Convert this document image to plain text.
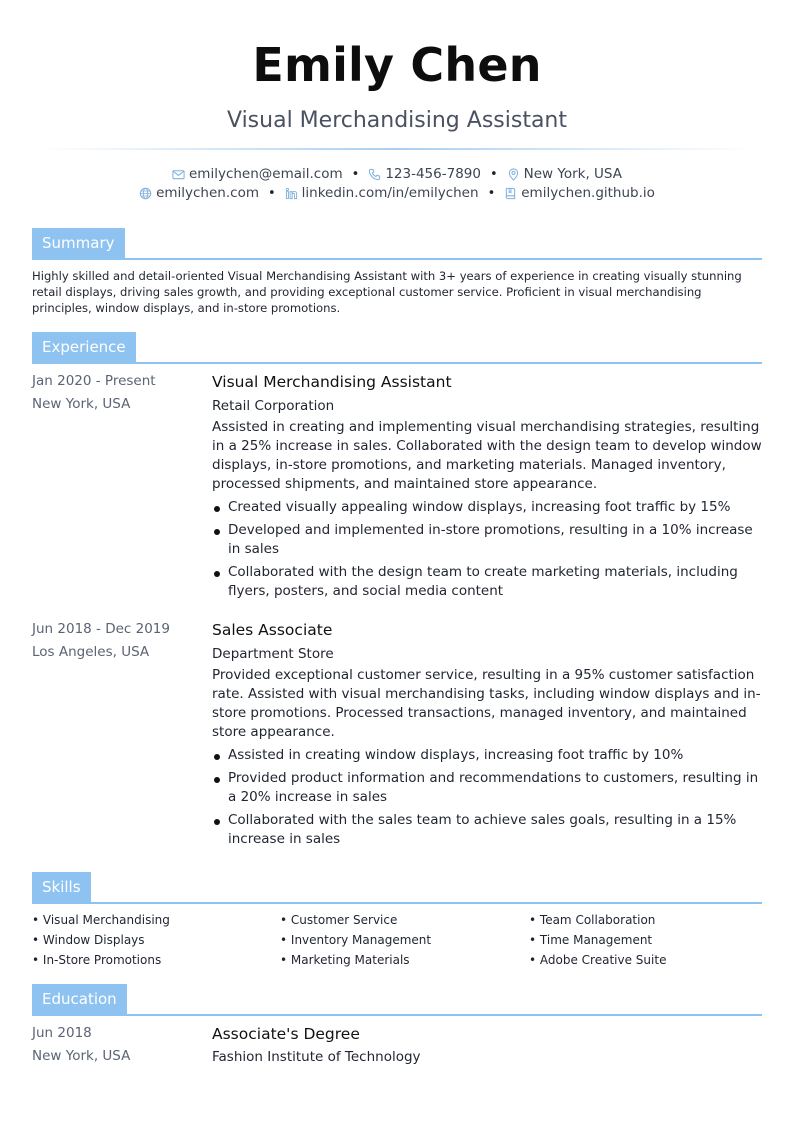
Emily Chen
Visual Merchandising Assistant
emilychen@email.com • 123-456-7890 • New York, USA
emilychen.com • linkedin.com/in/emilychen • emilychen.github.io
Summary

Highly skilled and detail-oriented Visual Merchandising Assistant with 3+ years of experience in creating visually stunning retail displays, driving sales growth, and providing exceptional customer service. Proficient in visual merchandising principles, window displays, and in-store promotions.

Experience
Jan 2020 - Present
New York, USA
Visual Merchandising Assistant
Retail Corporation
Assisted in creating and implementing visual merchandising strategies, resulting in a 25% increase in sales. Collaborated with the design team to develop window displays, in-store promotions, and marketing materials. Managed inventory, processed shipments, and maintained store appearance.
Created visually appealing window displays, increasing foot traffic by 15%
Developed and implemented in-store promotions, resulting in a 10% increase in sales
Collaborated with the design team to create marketing materials, including flyers, posters, and social media content
Jun 2018 - Dec 2019
Los Angeles, USA
Sales Associate
Department Store
Provided exceptional customer service, resulting in a 95% customer satisfaction rate. Assisted with visual merchandising tasks, including window displays and in-store promotions. Processed transactions, managed inventory, and maintained store appearance.
Assisted in creating window displays, increasing foot traffic by 10%
Provided product information and recommendations to customers, resulting in a 20% increase in sales
Collaborated with the sales team to achieve sales goals, resulting in a 15% increase in sales
Skills
• Visual Merchandising	• Customer Service	• Team Collaboration
• Window Displays	• Inventory Management	• Time Management
• In-Store Promotions	• Marketing Materials	• Adobe Creative Suite
Education
Jun 2018
New York, USA
Associate's Degree
Fashion Institute of Technology
